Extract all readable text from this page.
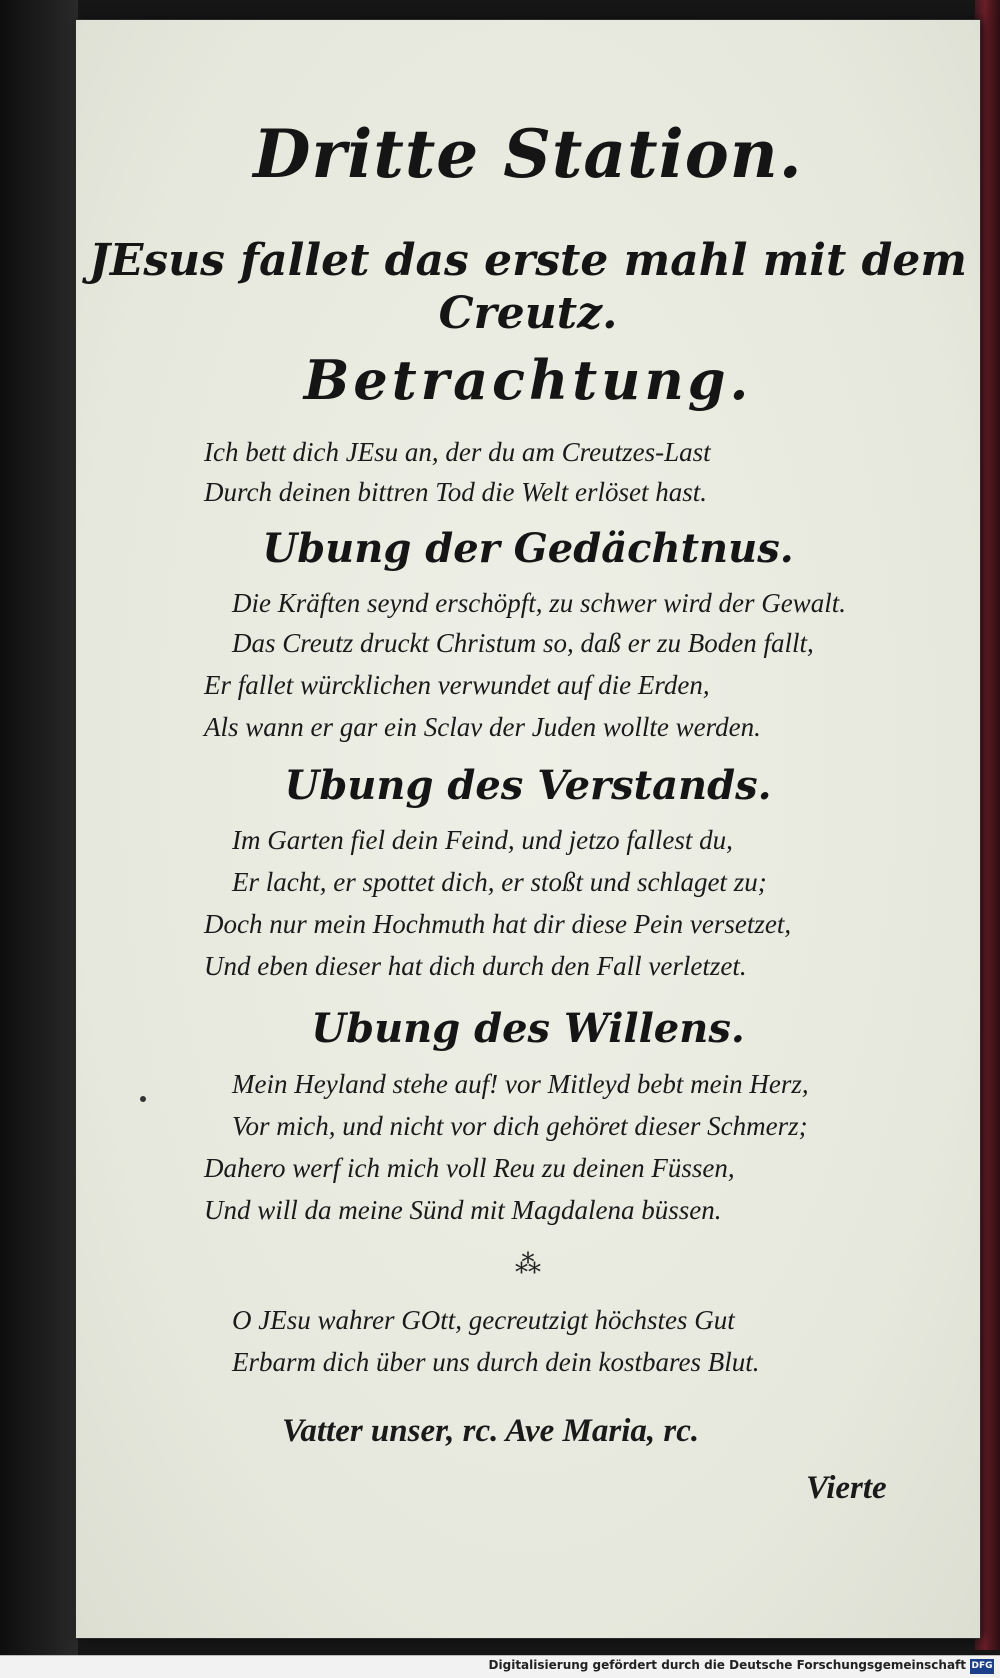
Dritte Station.
JEsus fallet das erste mahl mit dem
Creutz.
Betrachtung.
Ich bett dich JEsu an, der du am Creutzes-Last
Durch deinen bittren Tod die Welt erlöset hast.
Ubung der Gedächtnus.
Die Kräften seynd erschöpft, zu schwer wird der Gewalt.
Das Creutz druckt Christum so, daß er zu Boden fallt,
Er fallet würcklichen verwundet auf die Erden,
Als wann er gar ein Sclav der Juden wollte werden.
Ubung des Verstands.
Im Garten fiel dein Feind, und jetzo fallest du,
Er lacht, er spottet dich, er stoßt und schlaget zu;
Doch nur mein Hochmuth hat dir diese Pein versetzet,
Und eben dieser hat dich durch den Fall verletzet.
Ubung des Willens.
Mein Heyland stehe auf! vor Mitleyd bebt mein Herz,
Vor mich, und nicht vor dich gehöret dieser Schmerz;
Dahero werf ich mich voll Reu zu deinen Füssen,
Und will da meine Sünd mit Magdalena büssen.
⁂
O JEsu wahrer GOtt, gecreutzigt höchstes Gut
Erbarm dich über uns durch dein kostbares Blut.
Vatter unser, rc. Ave Maria, rc.
Vierte
Digitalisierung gefördert durch die Deutsche Forschungsgemeinschaft DFG
